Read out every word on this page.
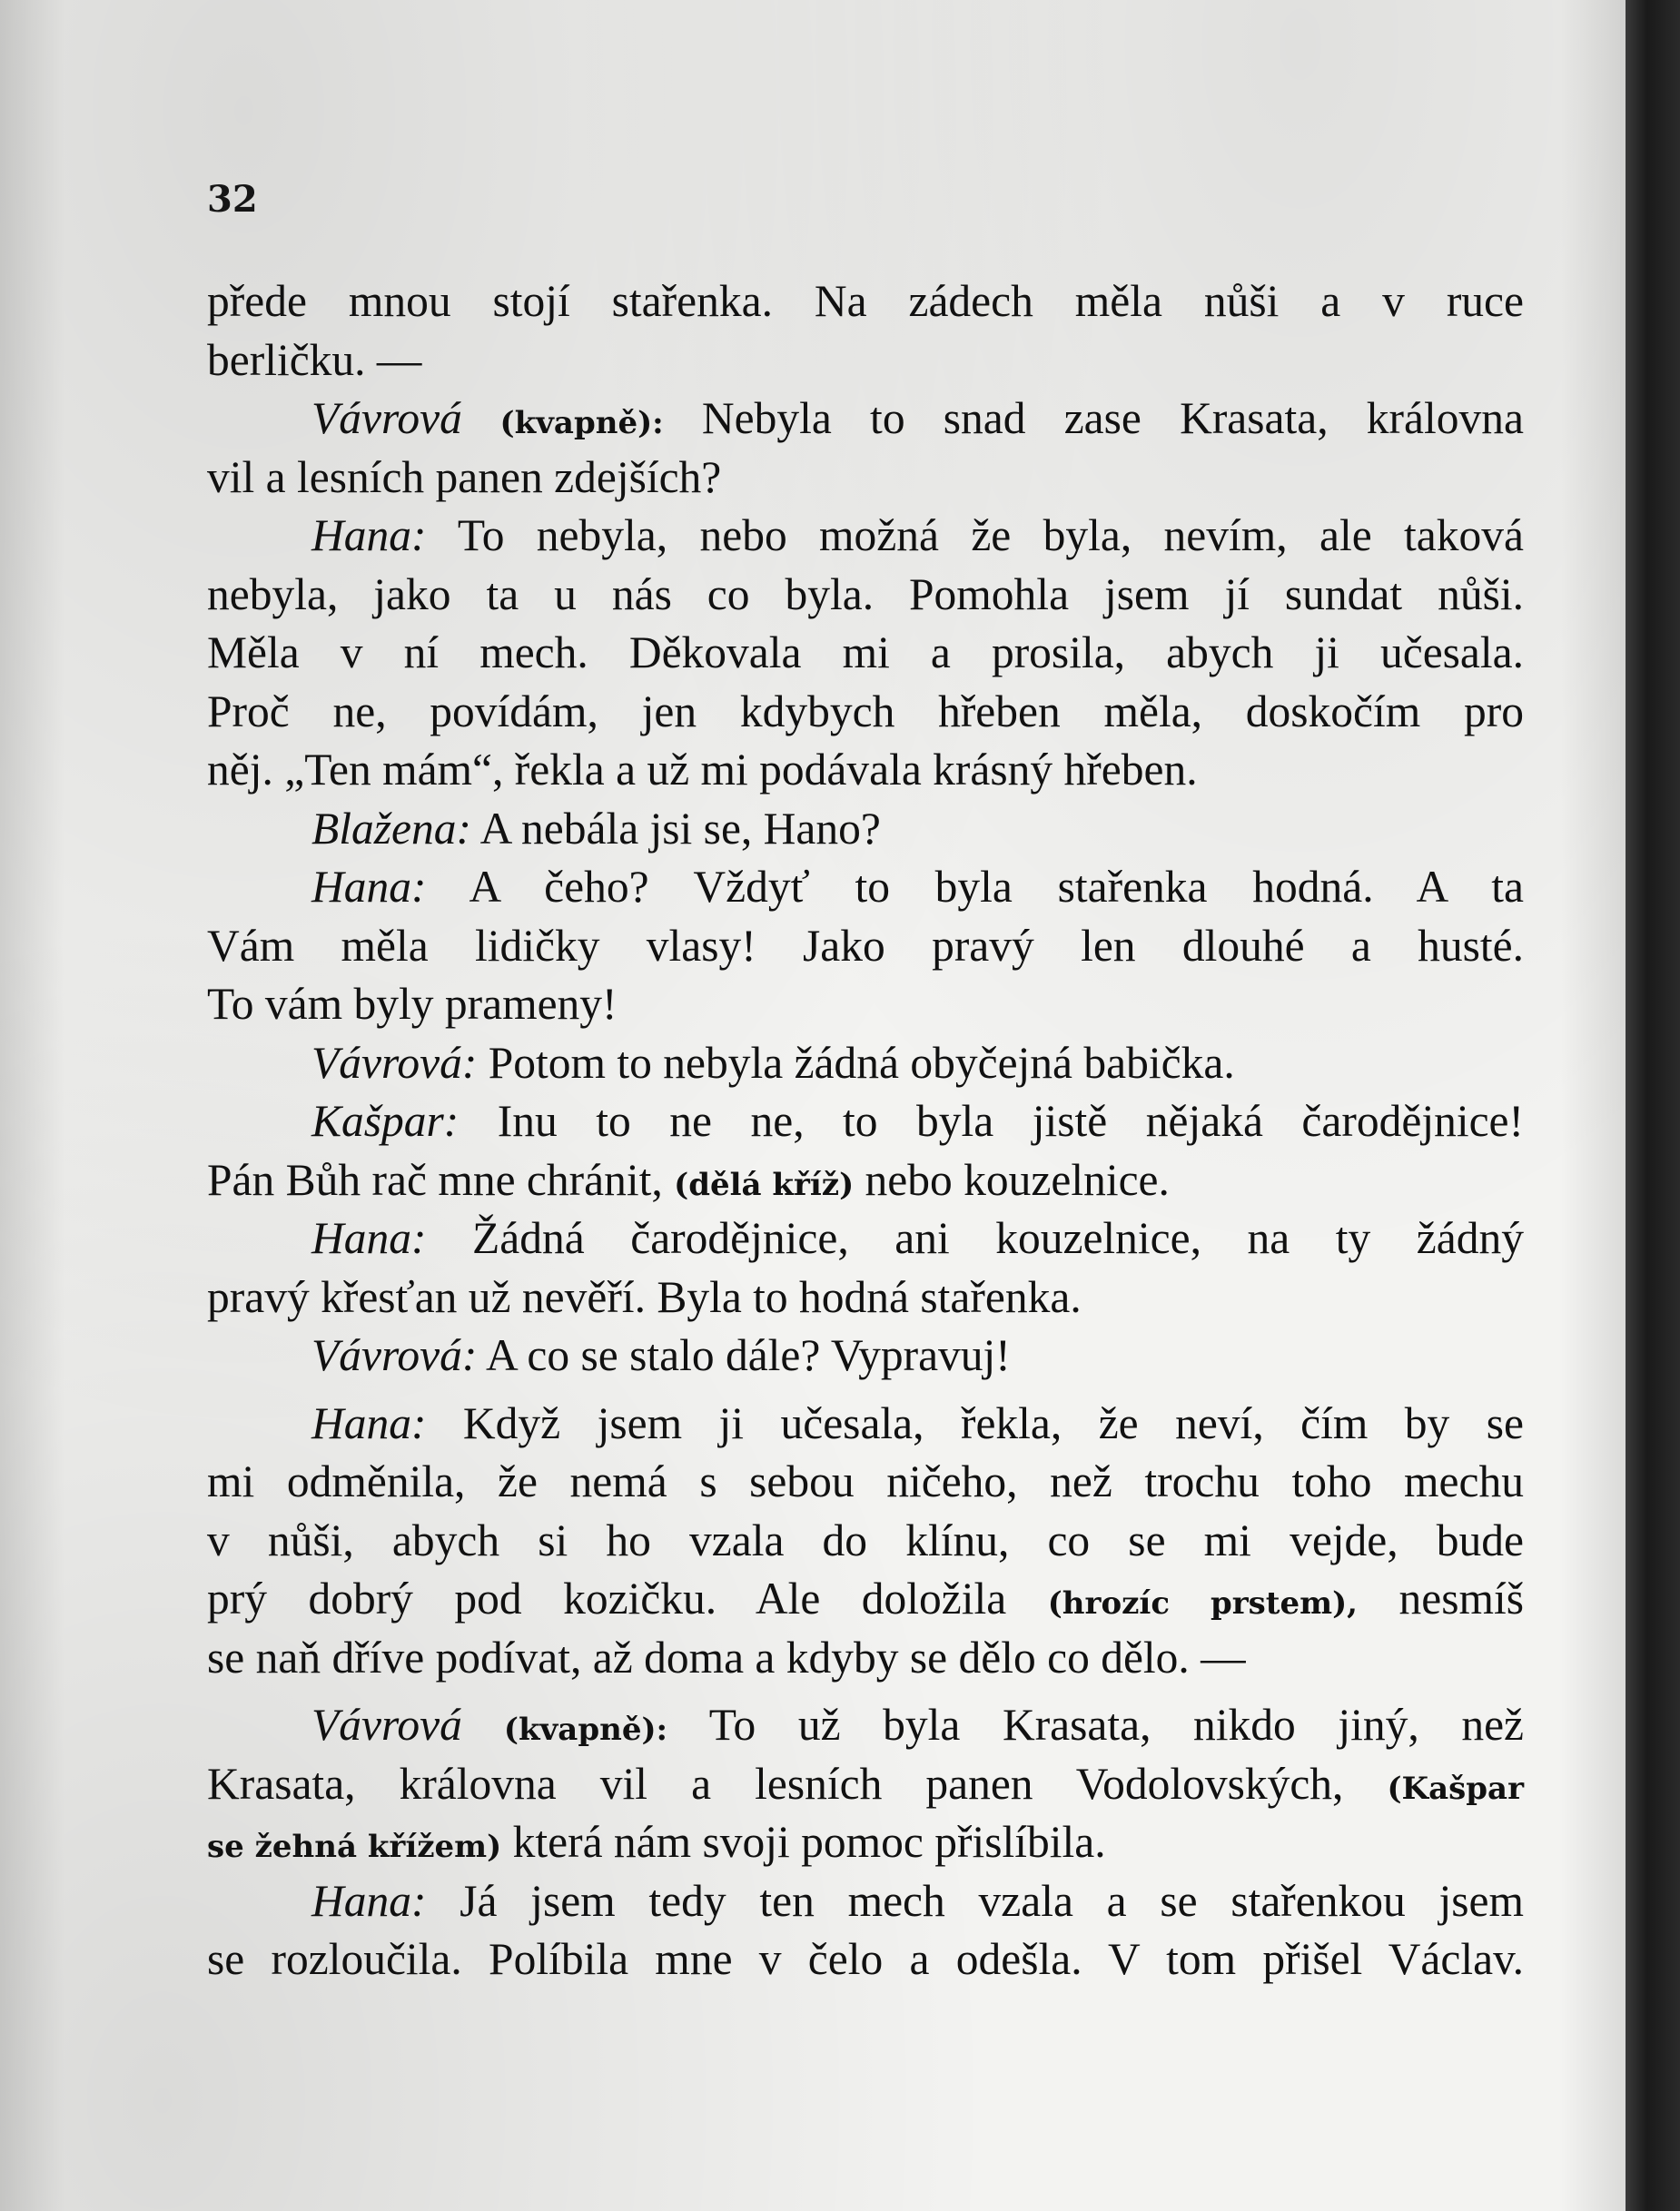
32
přede mnou stojí stařenka. Na zádech měla nůši a v ruce
berličku. —
Vávrová (kvapně): Nebyla to snad zase Krasata, královna
vil a lesních panen zdejších?
Hana: To nebyla, nebo možná že byla, nevím, ale taková
nebyla, jako ta u nás co byla. Pomohla jsem jí sundat nůši.
Měla v ní mech. Děkovala mi a prosila, abych ji učesala.
Proč ne, povídám, jen kdybych hřeben měla, doskočím pro
něj. „Ten mám“, řekla a už mi podávala krásný hřeben.
Blažena: A nebála jsi se, Hano?
Hana: A čeho? Vždyť to byla stařenka hodná. A ta
Vám měla lidičky vlasy! Jako pravý len dlouhé a husté.
To vám byly prameny!
Vávrová: Potom to nebyla žádná obyčejná babička.
Kašpar: Inu to ne ne, to byla jistě nějaká čarodějnice!
Pán Bůh rač mne chránit, (dělá kříž) nebo kouzelnice.
Hana: Žádná čarodějnice, ani kouzelnice, na ty žádný
pravý křesťan už nevěří. Byla to hodná stařenka.
Vávrová: A co se stalo dále? Vypravuj!
Hana: Když jsem ji učesala, řekla, že neví, čím by se
mi odměnila, že nemá s sebou ničeho, než trochu toho mechu
v nůši, abych si ho vzala do klínu, co se mi vejde, bude
prý dobrý pod kozičku. Ale doložila (hrozíc prstem), nesmíš
se naň dříve podívat, až doma a kdyby se dělo co dělo. —
Vávrová (kvapně): To už byla Krasata, nikdo jiný, než
Krasata, královna vil a lesních panen Vodolovských, (Kašpar
se žehná křížem) která nám svoji pomoc přislíbila.
Hana: Já jsem tedy ten mech vzala a se stařenkou jsem
se rozloučila. Políbila mne v čelo a odešla. V tom přišel Václav.
